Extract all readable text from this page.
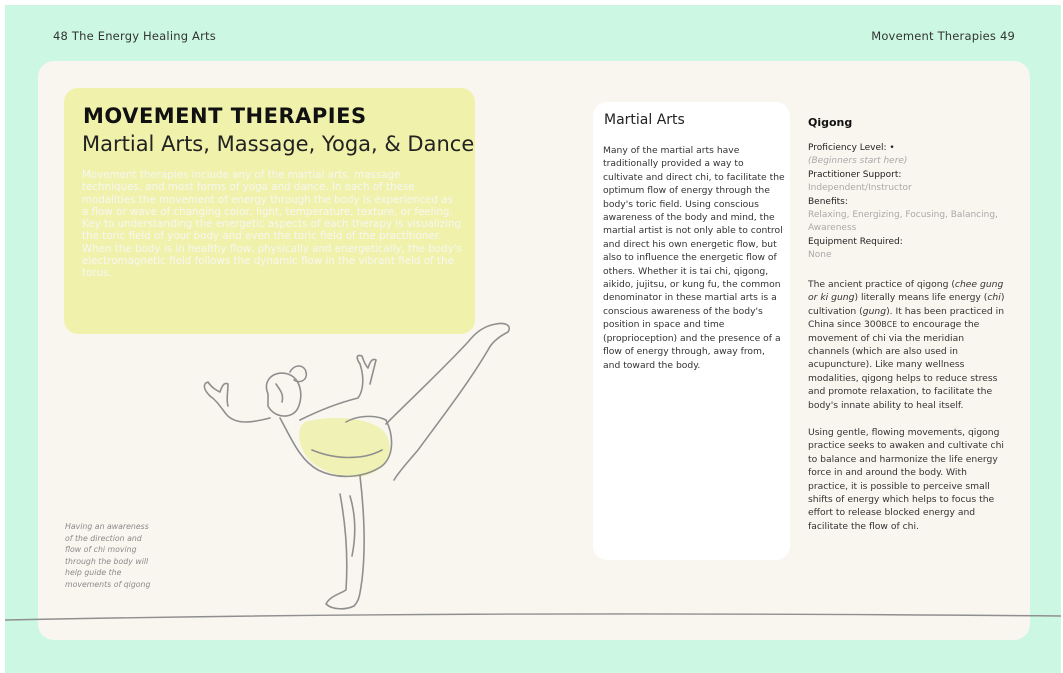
48 The Energy Healing Arts	Movement Therapies 49
MOVEMENT THERAPIES
Martial Arts, Massage, Yoga, & Dance
Movement therapies include any of the martial arts, massage techniques, and most forms of yoga and dance. In each of these modalities the movement of energy through the body is experienced as a flow or wave of changing color, light, temperature, texture, or feeling. Key to understanding the energetic aspects of each therapy is visualizing the toric field of your body and even the toric field of the practitioner. When the body is in healthy flow, physically and energetically, the body's electromagnetic field follows the dynamic flow in the vibrant field of the torus.
Having an awareness of the direction and flow of chi moving through the body will help guide the movements of qigong
Martial Arts
Many of the martial arts have traditionally provided a way to cultivate and direct chi, to facilitate the optimum flow of energy through the body's toric field. Using conscious awareness of the body and mind, the martial artist is not only able to control and direct his own energetic flow, but also to influence the energetic flow of others. Whether it is tai chi, qigong, aikido, jujitsu, or kung fu, the common denominator in these martial arts is a conscious awareness of the body's position in space and time (proprioception) and the presence of a flow of energy through, away from, and toward the body.
Qigong
Proficiency Level: •
(Beginners start here)
Practitioner Support:
Independent/Instructor
Benefits:
Relaxing, Energizing, Focusing, Balancing, Awareness
Equipment Required:
None
The ancient practice of qigong (chee gung or ki gung) literally means life energy (chi) cultivation (gung). It has been practiced in China since 300BCE to encourage the movement of chi via the meridian channels (which are also used in acupuncture). Like many wellness modalities, qigong helps to reduce stress and promote relaxation, to facilitate the body's innate ability to heal itself.
Using gentle, flowing movements, qigong practice seeks to awaken and cultivate chi to balance and harmonize the life energy force in and around the body. With practice, it is possible to perceive small shifts of energy which helps to focus the effort to release blocked energy and facilitate the flow of chi.
